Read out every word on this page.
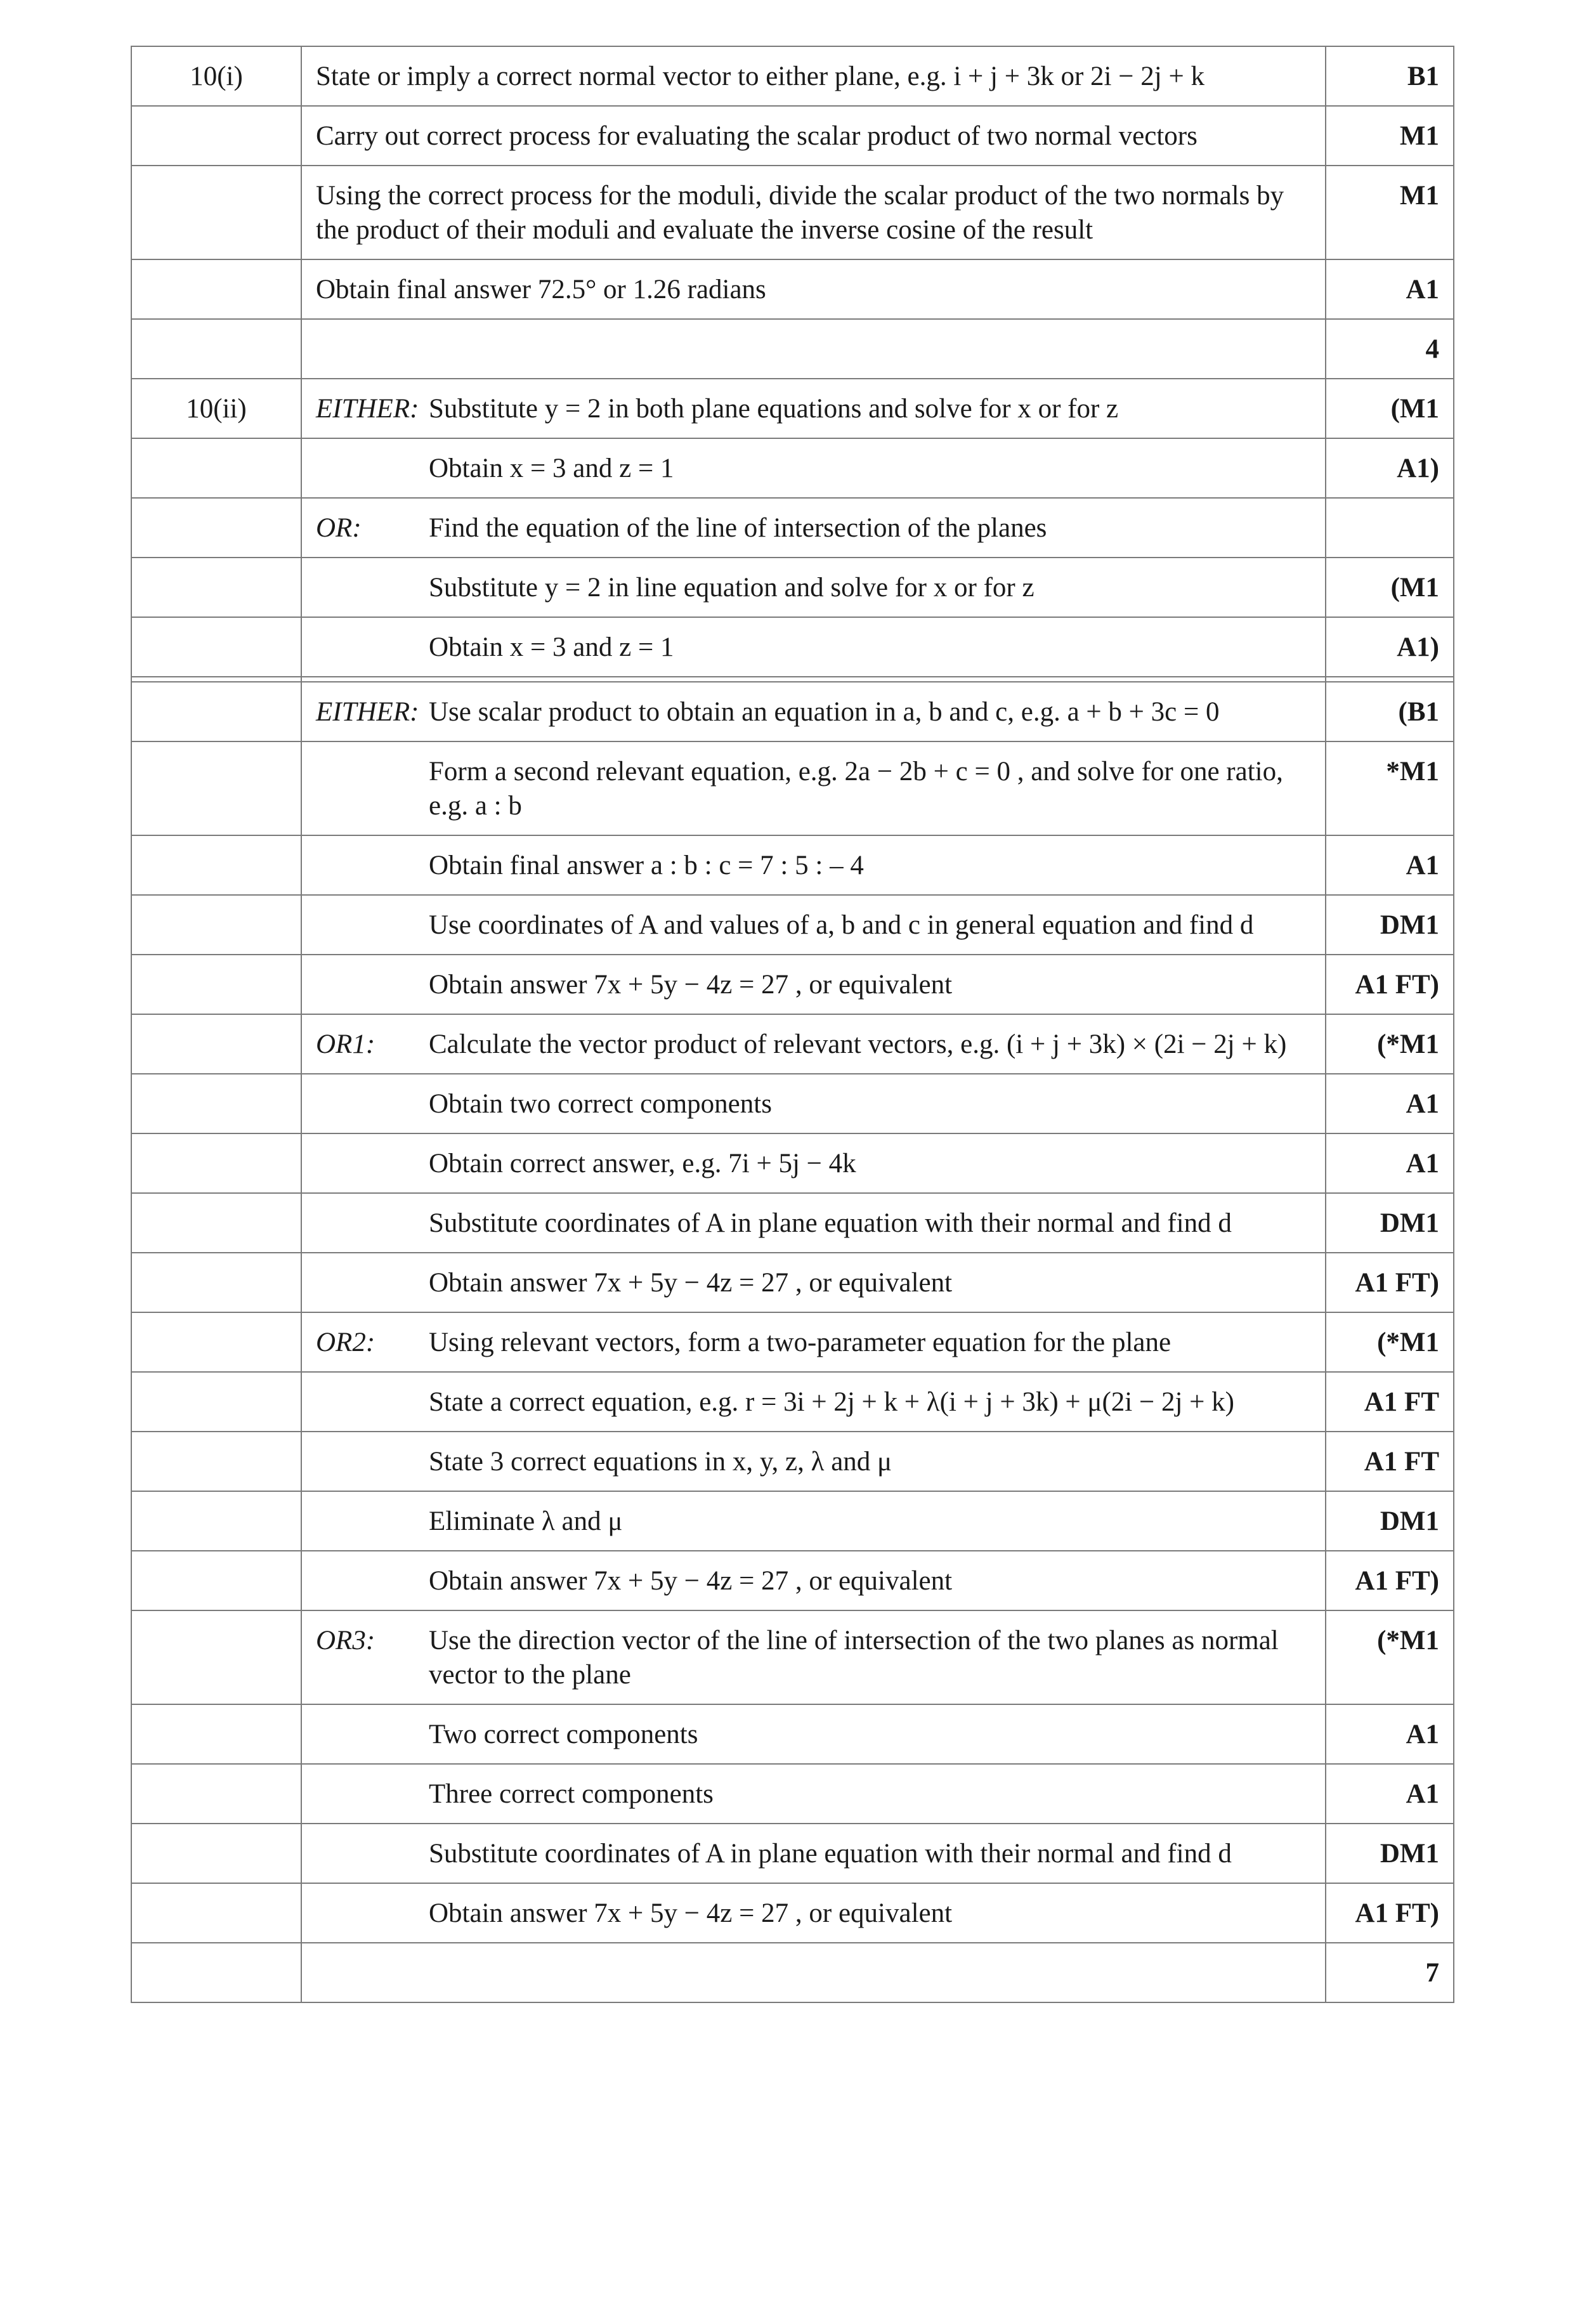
10(i)	State or imply a correct normal vector to either plane, e.g. i + j + 3k or 2i − 2j + k	B1
	Carry out correct process for evaluating the scalar product of two normal vectors	M1
	Using the correct process for the moduli, divide the scalar product of the two normals by the product of their moduli and evaluate the inverse cosine of the result	M1
	Obtain final answer 72.5° or 1.26 radians	A1
		4
10(ii)	EITHER: Substitute y = 2 in both plane equations and solve for x or for z	(M1
	Obtain x = 3 and z = 1	A1)
	OR: Find the equation of the line of intersection of the planes	
	Substitute y = 2 in line equation and solve for x or for z	(M1
	Obtain x = 3 and z = 1	A1)

	EITHER: Use scalar product to obtain an equation in a, b and c, e.g. a + b + 3c = 0	(B1
	Form a second relevant equation, e.g. 2a − 2b + c = 0 , and solve for one ratio, e.g. a : b	*M1
	Obtain final answer a : b : c = 7 : 5 : – 4	A1
	Use coordinates of A and values of a, b and c in general equation and find d	DM1
	Obtain answer 7x + 5y − 4z = 27 , or equivalent	A1 FT)
	OR1: Calculate the vector product of relevant vectors, e.g. (i + j + 3k) × (2i − 2j + k)	(*M1
	Obtain two correct components	A1
	Obtain correct answer, e.g. 7i + 5j − 4k	A1
	Substitute coordinates of A in plane equation with their normal and find d	DM1
	Obtain answer 7x + 5y − 4z = 27 , or equivalent	A1 FT)
	OR2: Using relevant vectors, form a two-parameter equation for the plane	(*M1
	State a correct equation, e.g. r = 3i + 2j + k + λ(i + j + 3k) + μ(2i − 2j + k)	A1 FT
	State 3 correct equations in x, y, z, λ and μ	A1 FT
	Eliminate λ and μ	DM1
	Obtain answer 7x + 5y − 4z = 27 , or equivalent	A1 FT)
	OR3: Use the direction vector of the line of intersection of the two planes as normal vector to the plane	(*M1
	Two correct components	A1
	Three correct components	A1
	Substitute coordinates of A in plane equation with their normal and find d	DM1
	Obtain answer 7x + 5y − 4z = 27 , or equivalent	A1 FT)
		7
